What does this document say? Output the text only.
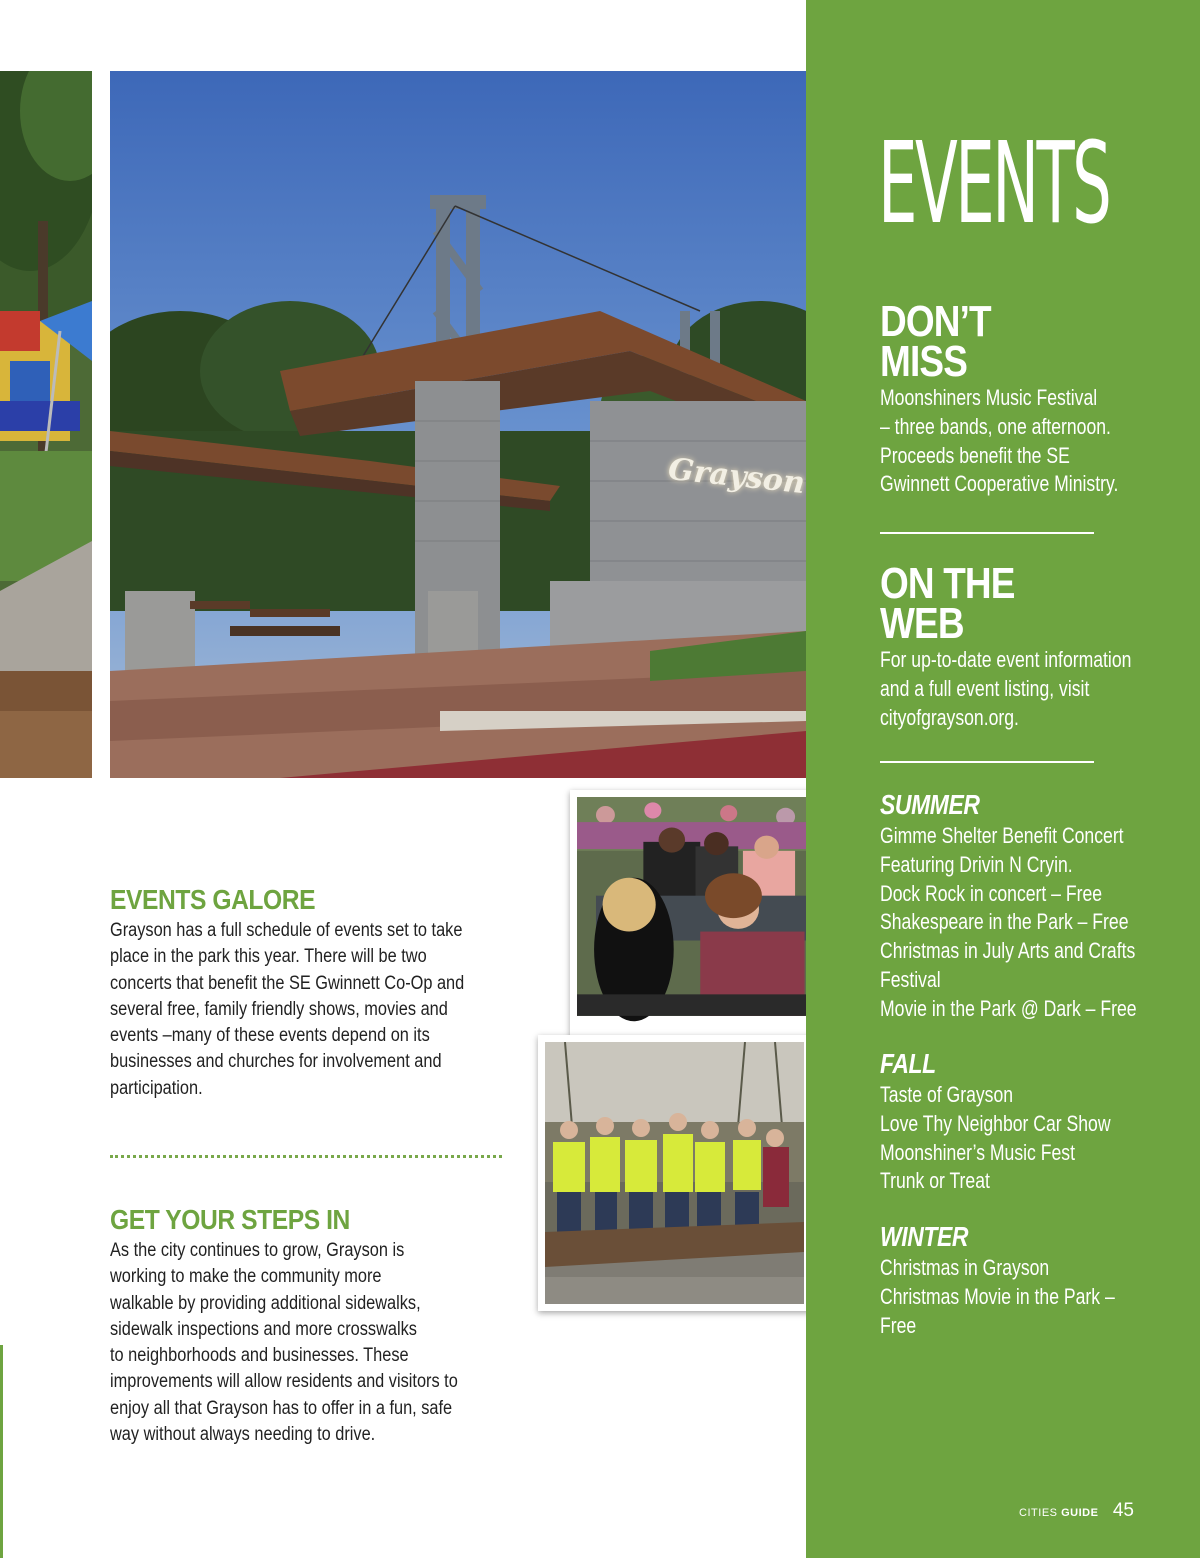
Grayson
EVENTS GALORE
Grayson has a full schedule of events set to take
place in the park this year. There will be two
concerts that benefit the SE Gwinnett Co-Op and
several free, family friendly shows, movies and
events –many of these events depend on its
businesses and churches for involvement and
participation.
GET YOUR STEPS IN
As the city continues to grow, Grayson is
working to make the community more
walkable by providing additional sidewalks,
sidewalk inspections and more crosswalks
to neighborhoods and businesses. These
improvements will allow residents and visitors to
enjoy all that Grayson has to offer in a fun, safe
way without always needing to drive.
EVENTS
DON’T
MISS
Moonshiners Music Festival
– three bands, one afternoon.
Proceeds benefit the SE
Gwinnett Cooperative Ministry.
ON THE
WEB
For up-to-date event information
and a full event listing, visit
cityofgrayson.org.
SUMMER
Gimme Shelter Benefit Concert
Featuring Drivin N Cryin.
Dock Rock in concert – Free
Shakespeare in the Park – Free
Christmas in July Arts and Crafts
Festival
Movie in the Park @ Dark – Free
FALL
Taste of Grayson
Love Thy Neighbor Car Show
Moonshiner’s Music Fest
Trunk or Treat
WINTER
Christmas in Grayson
Christmas Movie in the Park –
Free
CITIES GUIDE 45
